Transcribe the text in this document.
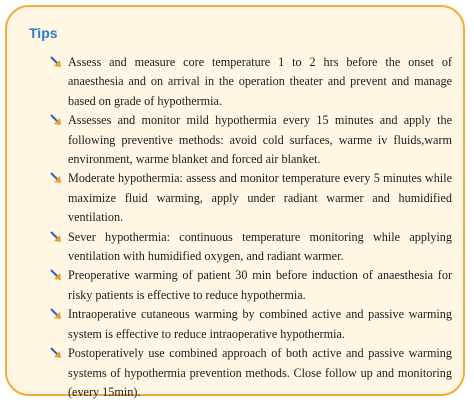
Tips
Assess and measure core temperature 1 to 2 hrs before the onset of anaesthesia and on arrival in the operation theater and prevent and manage based on grade of hypothermia.
Assesses and monitor mild hypothermia every 15 minutes and apply the following preventive methods: avoid cold surfaces, warme iv fluids,warm environment, warme blanket and forced air blanket.
Moderate hypothermia: assess and monitor temperature every 5 minutes while maximize fluid warming, apply under radiant warmer and humidified ventilation.
Sever hypothermia: continuous temperature monitoring while applying ventilation with humidified oxygen, and radiant warmer.
Preoperative warming of patient 30 min before induction of anaesthesia for risky patients is effective to reduce hypothermia.
Intraoperative cutaneous warming by combined active and passive warming system is effective to reduce intraoperative hypothermia.
Postoperatively use combined approach of both active and passive warming systems of hypothermia prevention methods. Close follow up and monitoring (every 15min).
